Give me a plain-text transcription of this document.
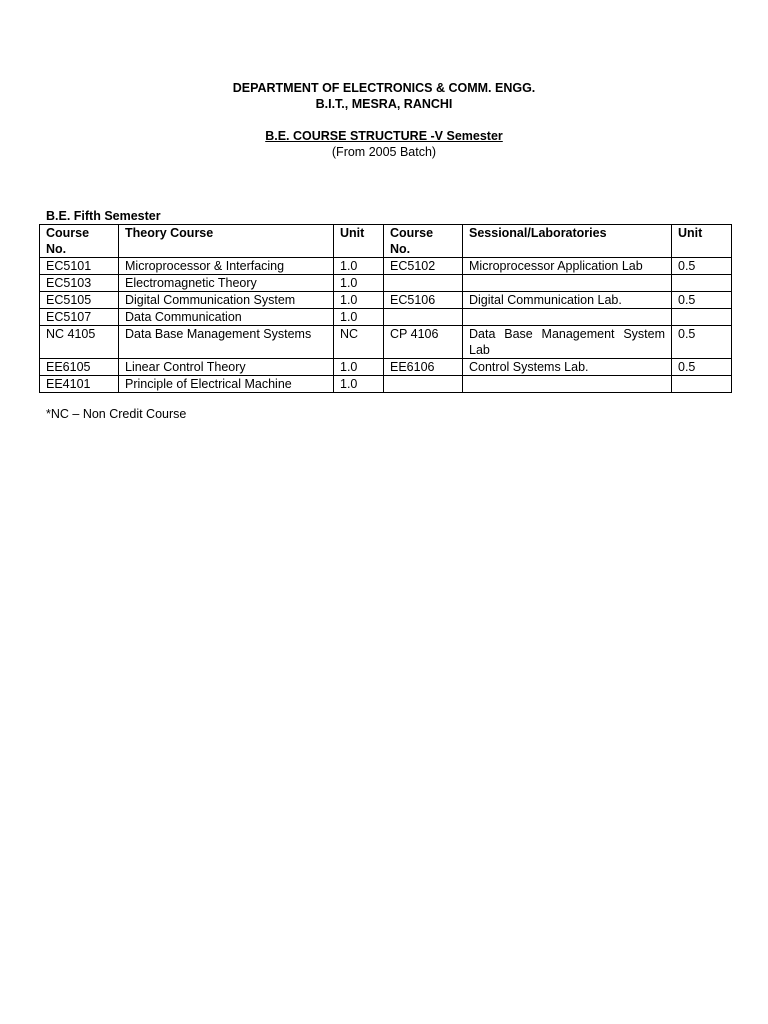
DEPARTMENT OF ELECTRONICS & COMM. ENGG.
B.I.T., MESRA, RANCHI
B.E. COURSE STRUCTURE -V Semester
(From 2005 Batch)
B.E. Fifth Semester
Course No.	Theory Course	Unit	Course No.	Sessional/Laboratories	Unit
EC5101	Microprocessor & Interfacing	1.0	EC5102	Microprocessor Application Lab	0.5
EC5103	Electromagnetic Theory	1.0			
EC5105	Digital Communication System	1.0	EC5106	Digital Communication Lab.	0.5
EC5107	Data Communication	1.0			
NC 4105	Data Base Management Systems	NC	CP 4106	Data Base Management System Lab	0.5
EE6105	Linear Control Theory	1.0	EE6106	Control Systems Lab.	0.5
EE4101	Principle of Electrical Machine	1.0			
*NC – Non Credit Course
